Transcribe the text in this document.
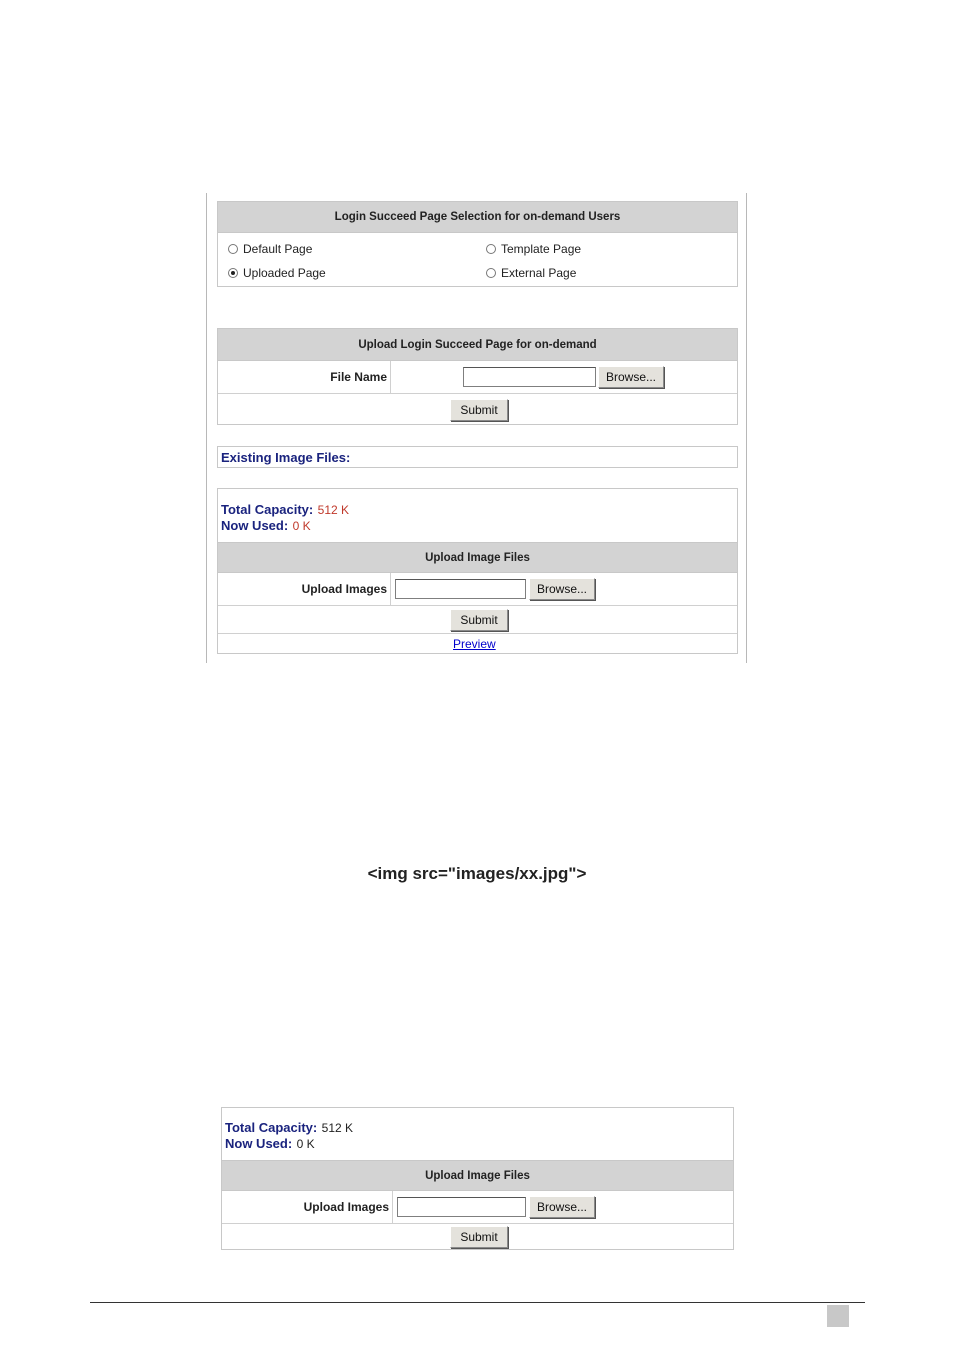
Login Succeed Page Selection for on-demand Users
Default Page	Template Page
Uploaded Page	External Page
Upload Login Succeed Page for on-demand
File Name	Browse...
Submit
Existing Image Files:
Total Capacity: 512 K
Now Used: 0 K
Upload Image Files
Upload Images	Browse...
Submit
Preview
<img src="images/xx.jpg">
Total Capacity: 512 K
Now Used: 0 K
Upload Image Files
Upload Images	Browse...
Submit
